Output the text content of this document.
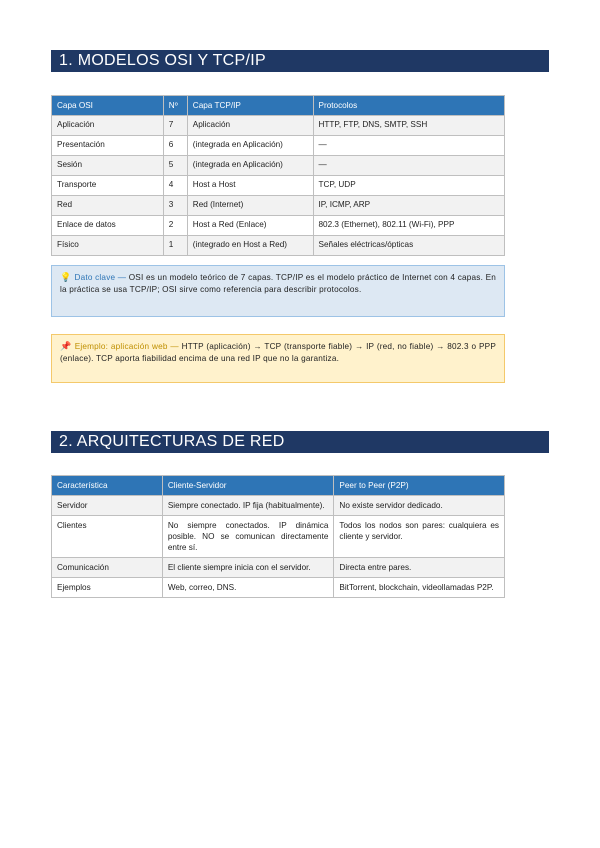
1. MODELOS OSI Y TCP/IP
Capa OSI	Nº	Capa TCP/IP	Protocolos
Aplicación	7	Aplicación	HTTP, FTP, DNS, SMTP, SSH
Presentación	6	(integrada en Aplicación)	—
Sesión	5	(integrada en Aplicación)	—
Transporte	4	Host a Host	TCP, UDP
Red	3	Red (Internet)	IP, ICMP, ARP
Enlace de datos	2	Host a Red (Enlace)	802.3 (Ethernet), 802.11 (Wi-Fi), PPP
Físico	1	(integrado en Host a Red)	Señales eléctricas/ópticas
💡 Dato clave — OSI es un modelo teórico de 7 capas. TCP/IP es el modelo práctico de Internet con 4 capas. En la práctica se usa TCP/IP; OSI sirve como referencia para describir protocolos.
📌 Ejemplo: aplicación web — HTTP (aplicación) → TCP (transporte fiable) → IP (red, no fiable) → 802.3 o PPP (enlace). TCP aporta fiabilidad encima de una red IP que no la garantiza.
2. ARQUITECTURAS DE RED
Característica	Cliente-Servidor	Peer to Peer (P2P)
Servidor	Siempre conectado. IP fija (habitualmente).	No existe servidor dedicado.
Clientes	No siempre conectados. IP dinámica posible. NO se comunican directamente entre sí.	Todos los nodos son pares: cualquiera es cliente y servidor.
Comunicación	El cliente siempre inicia con el servidor.	Directa entre pares.
Ejemplos	Web, correo, DNS.	BitTorrent, blockchain, videollamadas P2P.
